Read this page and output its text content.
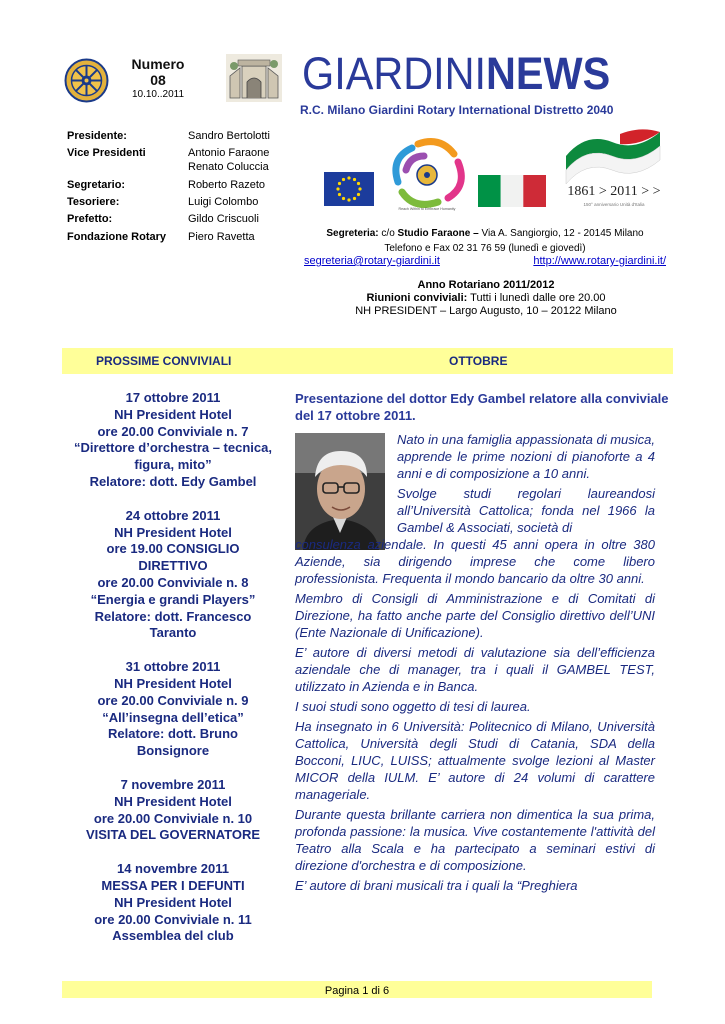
Numero
08
10.10..2011	GIARDININEWS
R.C. Milano Giardini Rotary International Distretto 2040
Presidente:	Sandro Bertolotti
Vice Presidenti	Antonio Faraone
Renato Coluccia
Segretario:	Roberto Razeto
Tesoriere:	Luigi Colombo
Prefetto:	Gildo Criscuoli
Fondazione Rotary	Piero Ravetta
Reach Within to Embrace Humanity
1861 > 2011 > >
150° anniversario Unità d'Italia
Segreteria: c/o Studio Faraone – Via A. Sangiorgio, 12 - 20145 Milano
Telefono e Fax 02 31 76 59 (lunedì e giovedì)
segreteria@rotary-giardini.it	http://www.rotary-giardini.it/
Anno Rotariano 2011/2012
Riunioni conviviali: Tutti i lunedì dalle ore 20.00
NH PRESIDENT – Largo Augusto, 10 – 20122 Milano
PROSSIME CONVIVIALI	OTTOBRE
17 ottobre 2011
NH President Hotel
ore 20.00 Conviviale n. 7
“Direttore d’orchestra – tecnica,
figura, mito”
Relatore: dott. Edy Gambel
24 ottobre 2011
NH President Hotel
ore 19.00 CONSIGLIO
DIRETTIVO
ore 20.00 Conviviale n. 8
“Energia e grandi Players”
Relatore: dott. Francesco
Taranto
31 ottobre 2011
NH President Hotel
ore 20.00 Conviviale n. 9
“All’insegna dell’etica”
Relatore: dott. Bruno
Bonsignore
7 novembre 2011
NH President Hotel
ore 20.00 Conviviale n. 10
VISITA DEL GOVERNATORE
14 novembre 2011
MESSA PER I DEFUNTI
NH President Hotel
ore 20.00 Conviviale n. 11
Assemblea del club
Presentazione del dottor Edy Gambel relatore alla conviviale del 17 ottobre 2011.

Nato in una famiglia appassionata di musica, apprende le prime nozioni di pianoforte a 4 anni e di composizione a 10 anni.

Svolge studi regolari laureandosi all’Università Cattolica; fonda nel 1966 la Gambel & Associati, società di

consulenza aziendale. In questi 45 anni opera in oltre 380 Aziende, sia dirigendo imprese che come libero professionista. Frequenta il mondo bancario da oltre 30 anni.

Membro di Consigli di Amministrazione e di Comitati di Direzione, ha fatto anche parte del Consiglio direttivo dell’UNI (Ente Nazionale di Unificazione).

E’ autore di diversi metodi di valutazione sia dell’efficienza aziendale che di manager, tra i quali il GAMBEL TEST, utilizzato in Azienda e in Banca.

I suoi studi sono oggetto di tesi di laurea.

Ha insegnato in 6 Università: Politecnico di Milano, Università Cattolica, Università degli Studi di Catania, SDA della Bocconi, LIUC, LUISS; attualmente svolge lezioni al Master MICOR della IULM. E’ autore di 24 volumi di carattere manageriale.

Durante questa brillante carriera non dimentica la sua prima, profonda passione: la musica. Vive costantemente l'attività del Teatro alla Scala e ha partecipato a seminari estivi di direzione d'orchestra e di composizione.

E’ autore di brani musicali tra i quali la “Preghiera

Pagina 1 di 6
